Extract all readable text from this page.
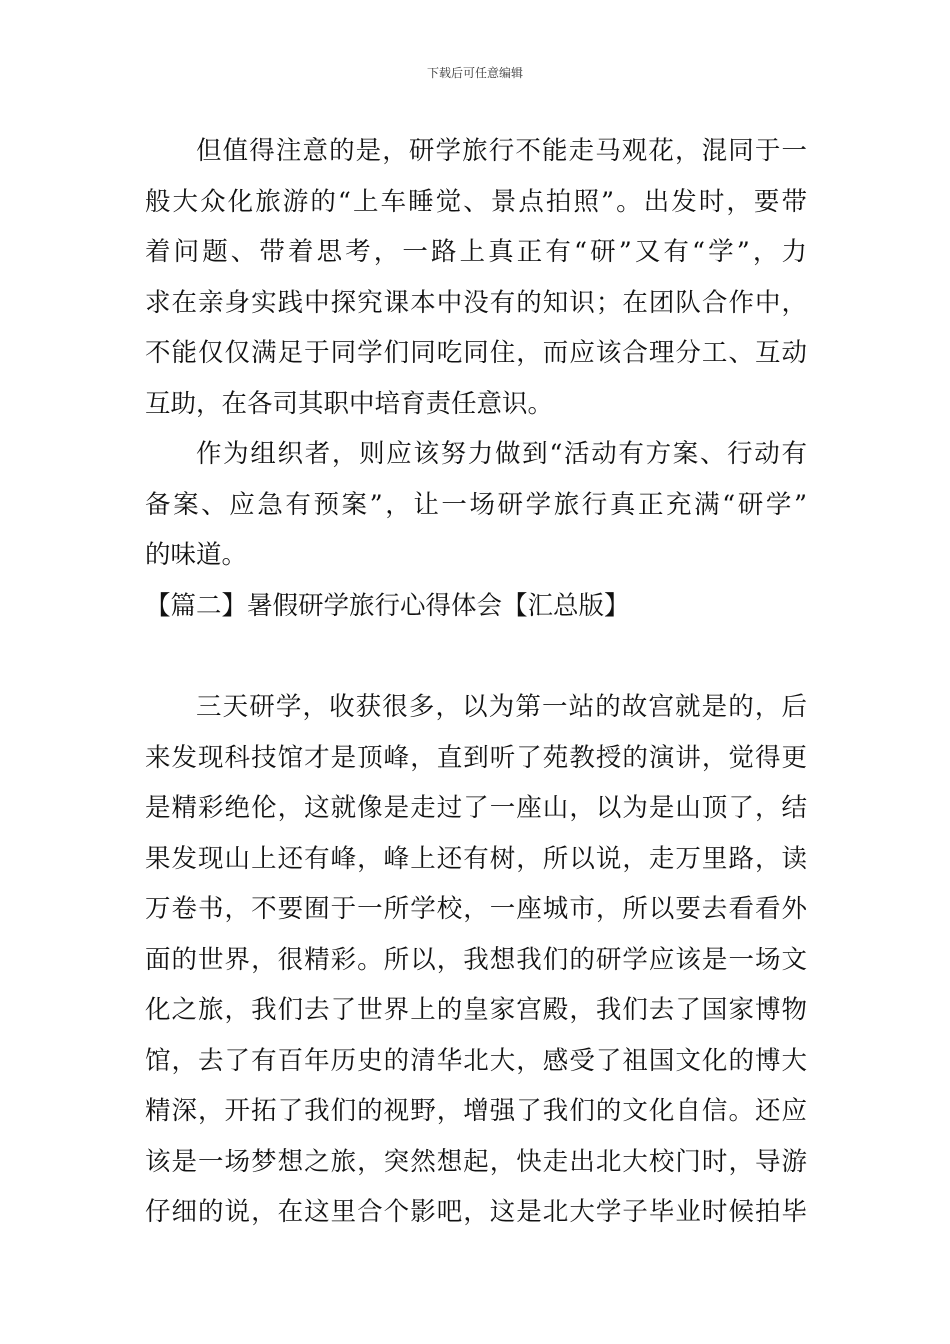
下载后可任意编辑
但值得注意的是，研学旅行不能走马观花，混同于一
般大众化旅游的“上车睡觉、景点拍照”。出发时，要带
着问题、带着思考，一路上真正有“研”又有“学”，力
求在亲身实践中探究课本中没有的知识；在团队合作中，
不能仅仅满足于同学们同吃同住，而应该合理分工、互动
互助，在各司其职中培育责任意识。
作为组织者，则应该努力做到“活动有方案、行动有
备案、应急有预案”，让一场研学旅行真正充满“研学”
的味道。
【篇二】暑假研学旅行心得体会【汇总版】
三天研学，收获很多，以为第一站的故宫就是的，后
来发现科技馆才是顶峰，直到听了苑教授的演讲，觉得更
是精彩绝伦，这就像是走过了一座山，以为是山顶了，结
果发现山上还有峰，峰上还有树，所以说，走万里路，读
万卷书，不要囿于一所学校，一座城市，所以要去看看外
面的世界，很精彩。所以，我想我们的研学应该是一场文
化之旅，我们去了世界上的皇家宫殿，我们去了国家博物
馆，去了有百年历史的清华北大，感受了祖国文化的博大
精深，开拓了我们的视野，增强了我们的文化自信。还应
该是一场梦想之旅，突然想起，快走出北大校门时，导游
仔细的说，在这里合个影吧，这是北大学子毕业时候拍毕
